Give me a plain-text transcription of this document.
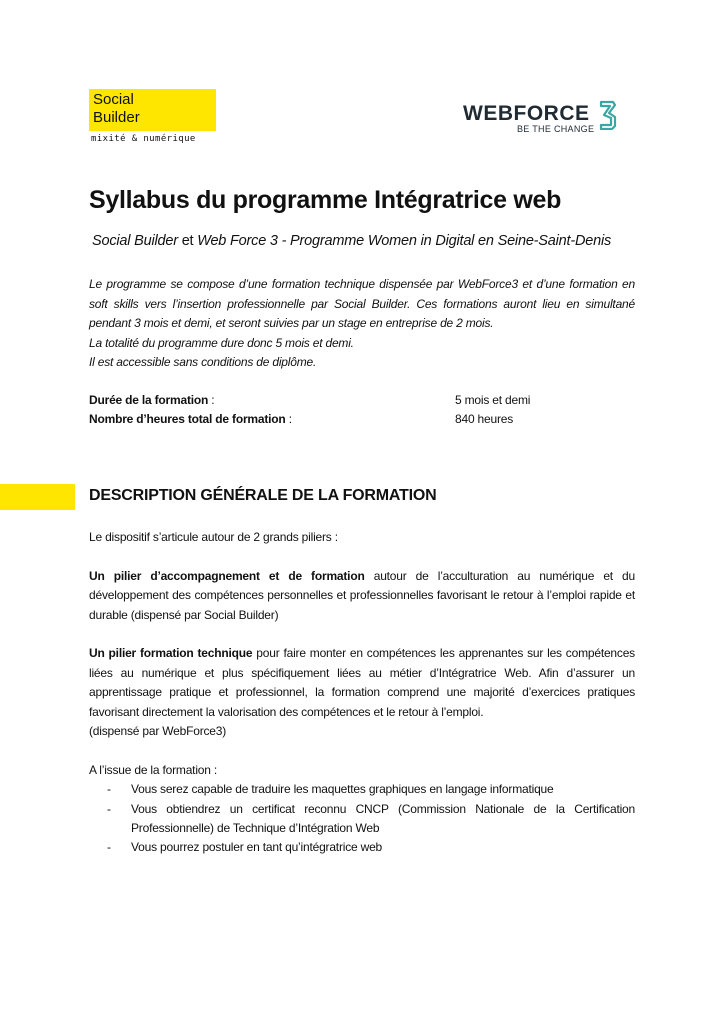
Social
Builder
mixité & numérique
WEBFORCE
BE THE CHANGE
Syllabus du programme Intégratrice web
Social Builder et Web Force 3 - Programme Women in Digital en Seine-Saint-Denis

Le programme se compose d’une formation technique dispensée par WebForce3 et d’une formation en soft skills vers l’insertion professionnelle par Social Builder. Ces formations auront lieu en simultané pendant 3 mois et demi, et seront suivies par un stage en entreprise de 2 mois.

La totalité du programme dure donc 5 mois et demi.

Il est accessible sans conditions de diplôme.

Durée de la formation :	5 mois et demi
Nombre d’heures total de formation :	840 heures
DESCRIPTION GÉNÉRALE DE LA FORMATION

Le dispositif s’articule autour de 2 grands piliers :

Un pilier d’accompagnement et de formation autour de l’acculturation au numérique et du développement des compétences personnelles et professionnelles favorisant le retour à l’emploi rapide et durable (dispensé par Social Builder)

Un pilier formation technique pour faire monter en compétences les apprenantes sur les compétences liées au numérique et plus spécifiquement liées au métier d’Intégratrice Web. Afin d’assurer un apprentissage pratique et professionnel, la formation comprend une majorité d’exercices pratiques favorisant directement la valorisation des compétences et le retour à l’emploi.

(dispensé par WebForce3)

A l’issue de la formation :

- Vous serez capable de traduire les maquettes graphiques en langage informatique
- Vous obtiendrez un certificat reconnu CNCP (Commission Nationale de la Certification Professionnelle) de Technique d’Intégration Web
- Vous pourrez postuler en tant qu’intégratrice web
